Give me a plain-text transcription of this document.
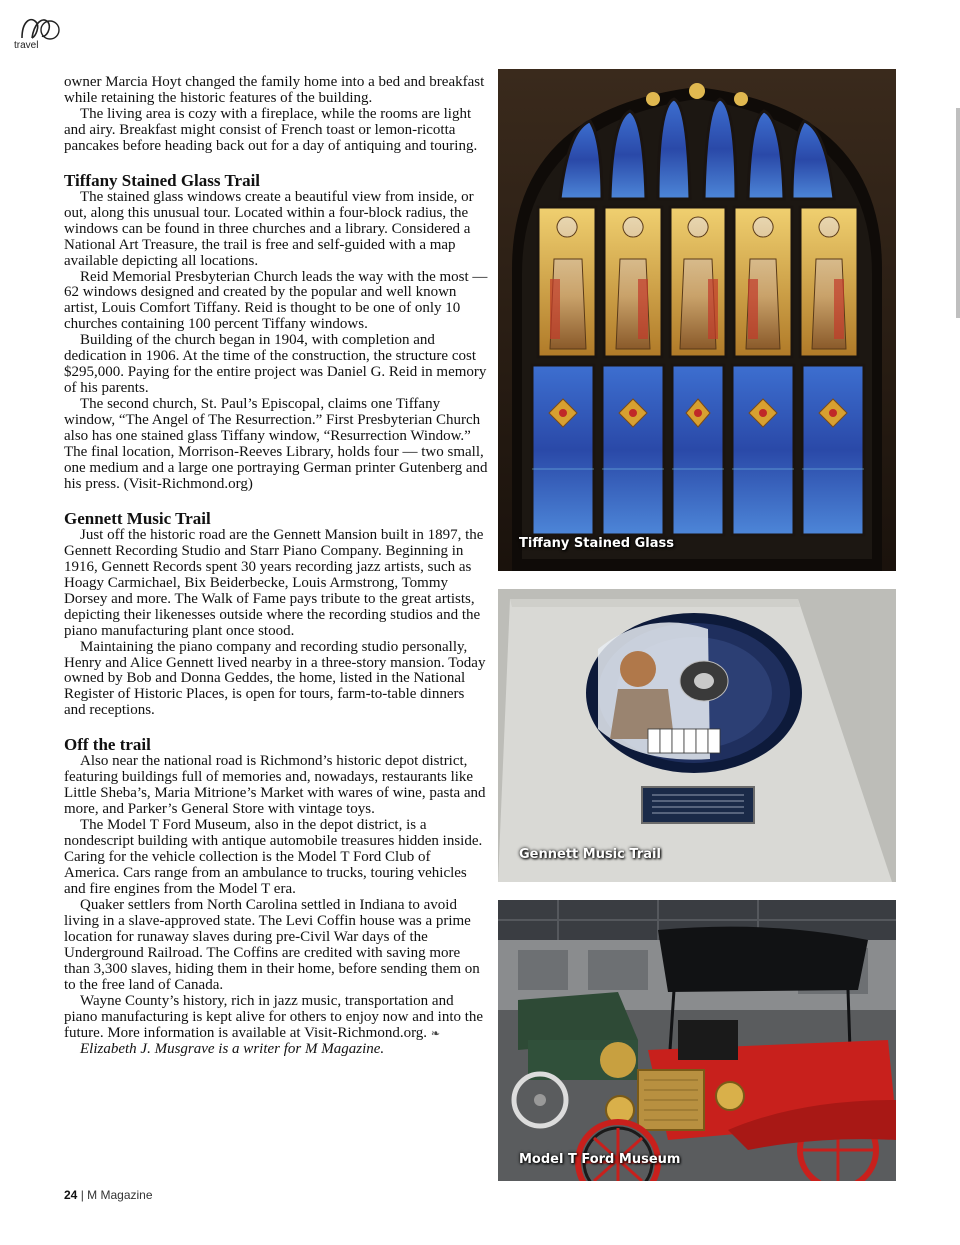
travel

owner Marcia Hoyt changed the family home into a bed and breakfast while retaining the historic features of the building.

The living area is cozy with a fireplace, while the rooms are light and airy. Breakfast might consist of French toast or lemon-ricotta pancakes before heading back out for a day of antiquing and touring.

Tiffany Stained Glass Trail

The stained glass windows create a beautiful view from inside, or out, along this unusual tour. Located within a four-block radius, the windows can be found in three churches and a library. Considered a National Art Treasure, the trail is free and self-guided with a map available depicting all locations.

Reid Memorial Presbyterian Church leads the way with the most — 62 windows designed and created by the popular and well known artist, Louis Comfort Tiffany. Reid is thought to be one of only 10 churches containing 100 percent Tiffany windows.

Building of the church began in 1904, with completion and dedication in 1906. At the time of the construction, the structure cost $295,000. Paying for the entire project was Daniel G. Reid in memory of his parents.

The second church, St. Paul’s Episcopal, claims one Tiffany window, “The Angel of The Resurrection.” First Presbyterian Church also has one stained glass Tiffany window, “Resurrection Window.” The final location, Morrison-Reeves Library, holds four — two small, one medium and a large one portraying German printer Gutenberg and his press. (Visit-Richmond.org)

Gennett Music Trail

Just off the historic road are the Gennett Mansion built in 1897, the Gennett Recording Studio and Starr Piano Company. Beginning in 1916, Gennett Records spent 30 years recording jazz artists, such as Hoagy Carmichael, Bix Beiderbecke, Louis Armstrong, Tommy Dorsey and more. The Walk of Fame pays tribute to the great artists, depicting their likenesses outside where the recording studios and the piano manufacturing plant once stood.

Maintaining the piano company and recording studio personally, Henry and Alice Gennett lived nearby in a three-story mansion. Today owned by Bob and Donna Geddes, the home, listed in the National Register of Historic Places, is open for tours, farm-to-table dinners and receptions.

Off the trail

Also near the national road is Richmond’s historic depot district, featuring buildings full of memories and, nowadays, restaurants like Little Sheba’s, Maria Mitrione’s Market with wares of wine, pasta and more, and Parker’s General Store with vintage toys.

The Model T Ford Museum, also in the depot district, is a nondescript building with antique automobile treasures hidden inside. Caring for the vehicle collection is the Model T Ford Club of America. Cars range from an ambulance to trucks, touring vehicles and fire engines from the Model T era.

Quaker settlers from North Carolina settled in Indiana to avoid living in a slave-approved state. The Levi Coffin house was a prime location for runaway slaves during pre-Civil War days of the Underground Railroad. The Coffins are credited with saving more than 3,300 slaves, hiding them in their home, before sending them on to the free land of Canada.

Wayne County’s history, rich in jazz music, transportation and piano manufacturing is kept alive for others to enjoy now and into the future. More information is available at Visit-Richmond.org. ❧

Elizabeth J. Musgrave is a writer for M Magazine.

Tiffany Stained Glass
Gennett Music Trail
Model T Ford Museum
24 | M Magazine
